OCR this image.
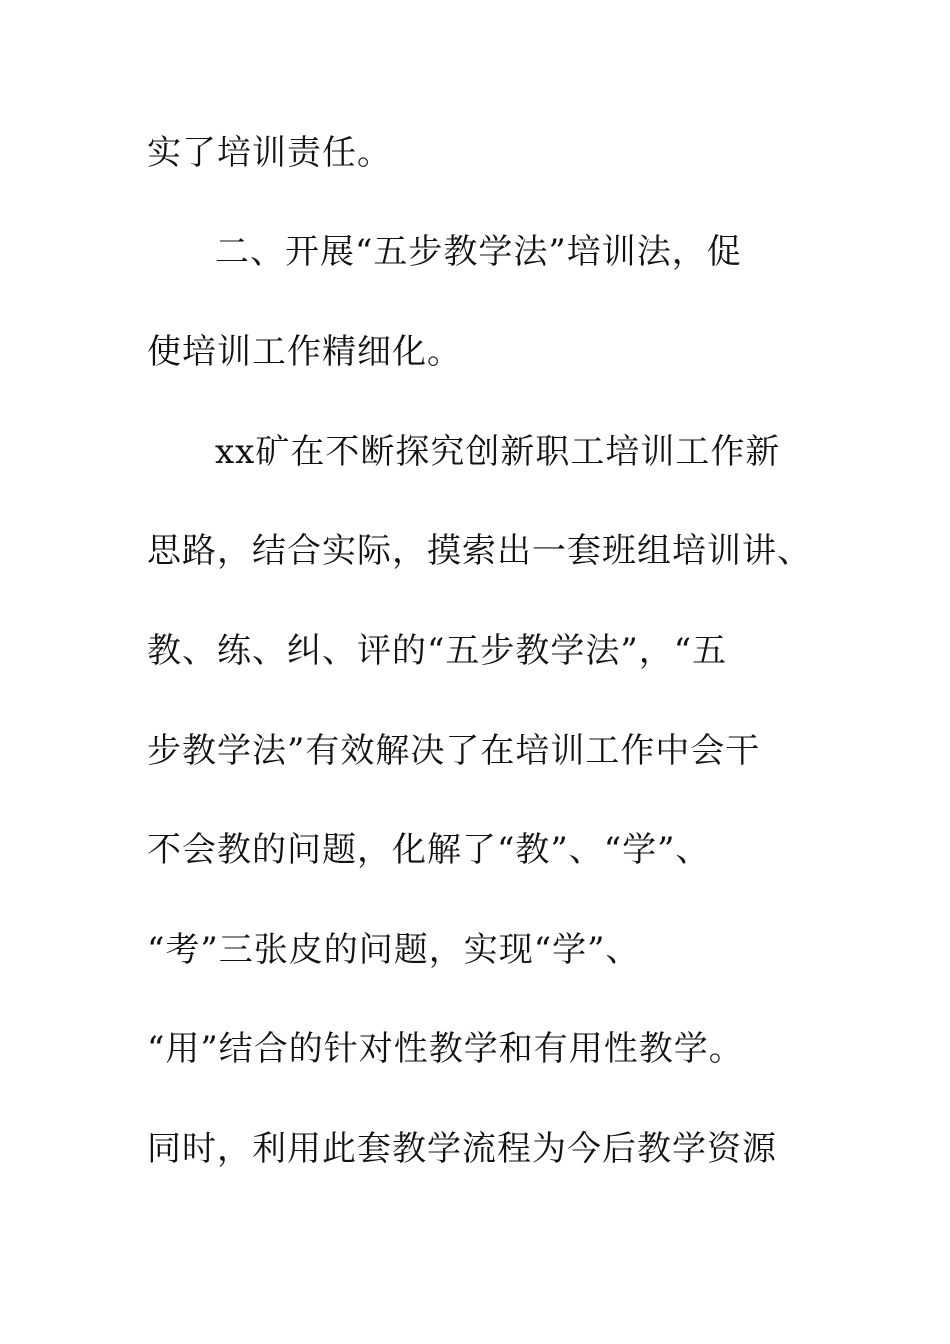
实了培训责任。
二、开展“五步教学法”培训法，促
使培训工作精细化。
xx矿在不断探究创新职工培训工作新
思路，结合实际，摸索出一套班组培训讲、
教、练、纠、评的“五步教学法”，“五
步教学法”有效解决了在培训工作中会干
不会教的问题，化解了“教”、“学”、
“考”三张皮的问题，实现“学”、
“用”结合的针对性教学和有用性教学。
同时，利用此套教学流程为今后教学资源
